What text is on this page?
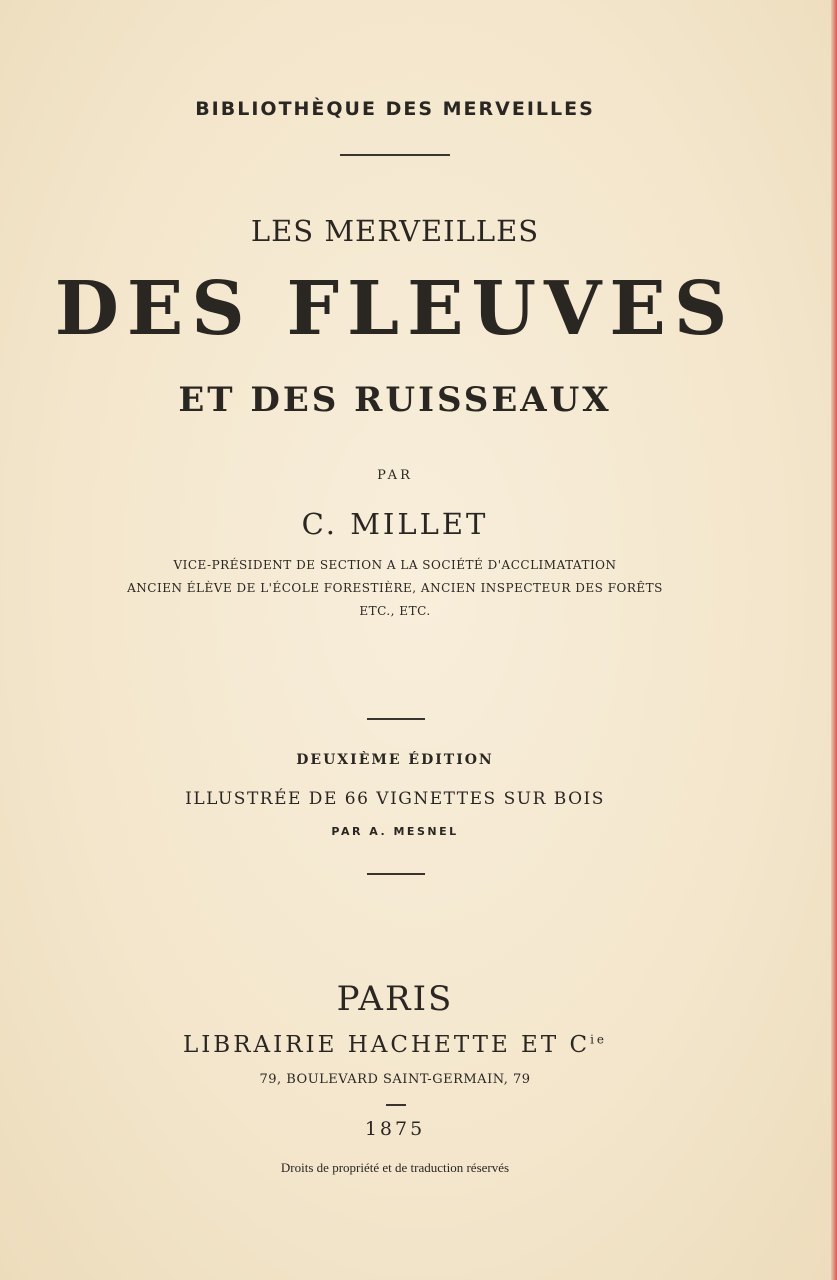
BIBLIOTHÈQUE DES MERVEILLES

LES MERVEILLES

DES FLEUVES

ET DES RUISSEAUX

PAR

C. MILLET

VICE-PRÉSIDENT DE SECTION A LA SOCIÉTÉ D'ACCLIMATATION

ANCIEN ÉLÈVE DE L'ÉCOLE FORESTIÈRE, ANCIEN INSPECTEUR DES FORÊTS

ETC., ETC.

DEUXIÈME ÉDITION

ILLUSTRÉE DE 66 VIGNETTES SUR BOIS

PAR A. MESNEL

PARIS

LIBRAIRIE HACHETTE ET $C^{ie}$

79, BOULEVARD SAINT-GERMAIN, 79

1875

Droits de propriété et de traduction réservés
